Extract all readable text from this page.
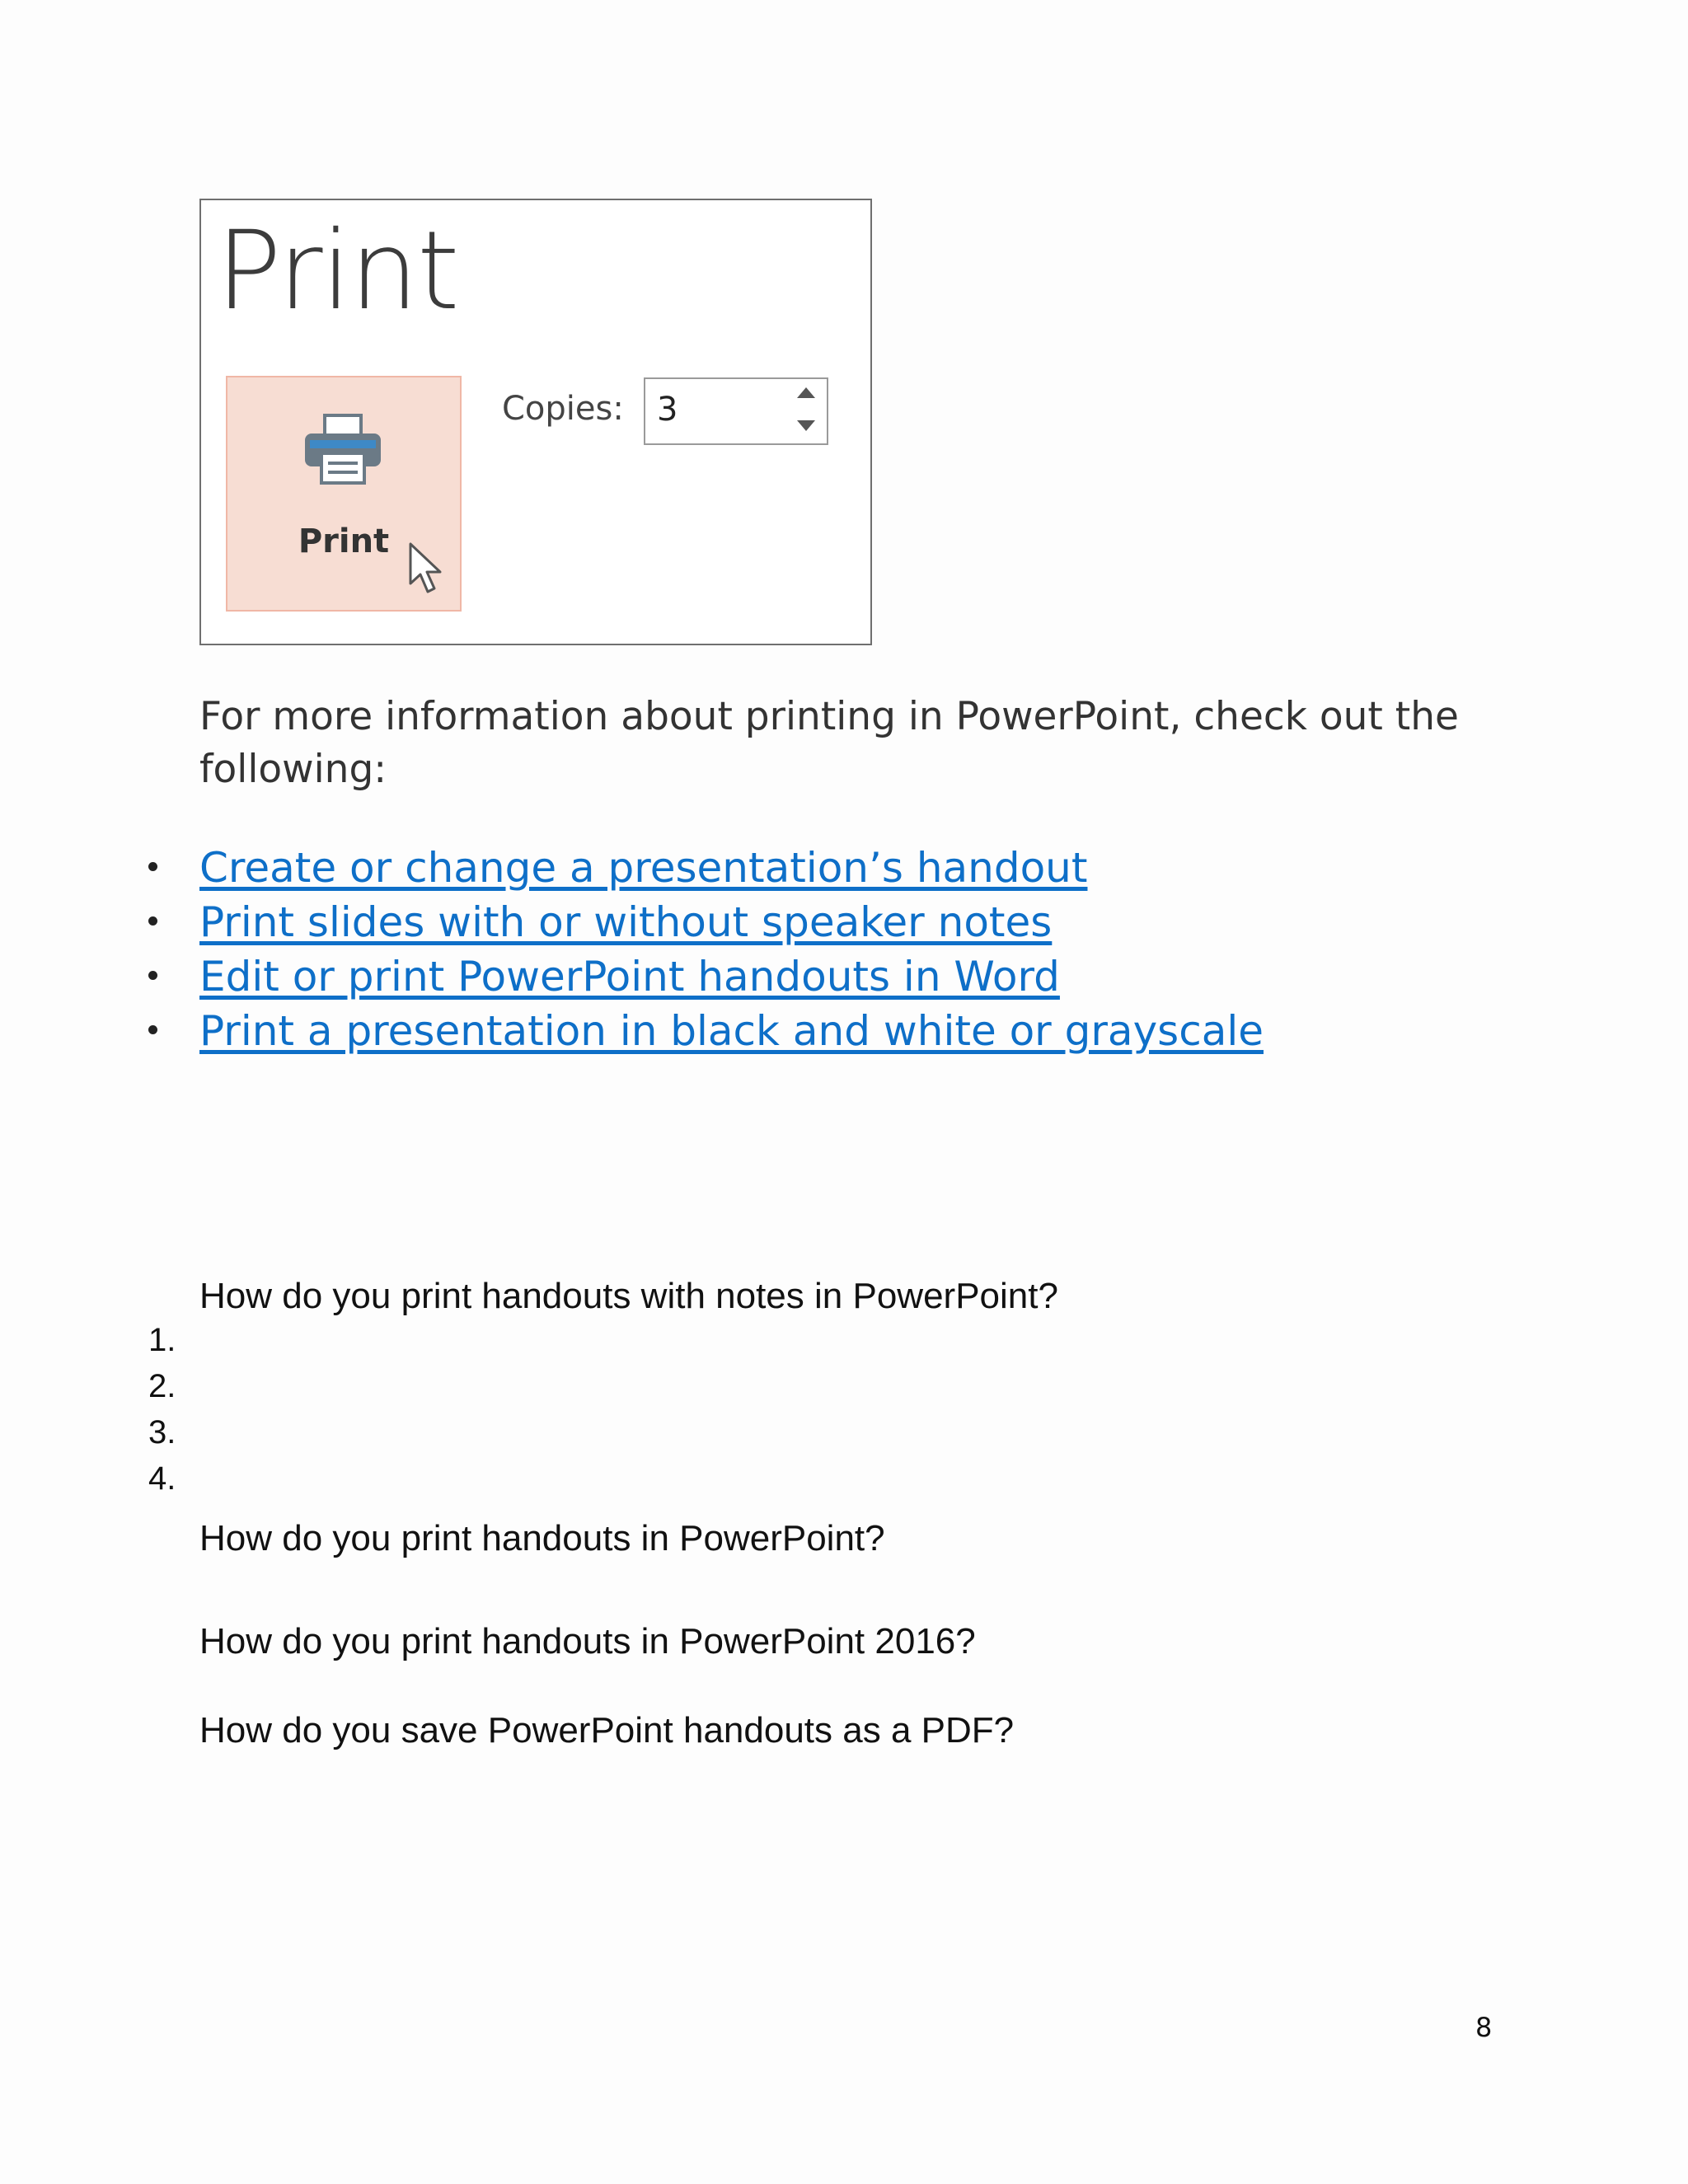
Print
Print
Copies: 3
For more information about printing in PowerPoint, check out the following:
Create or change a presentation’s handout
Print slides with or without speaker notes
Edit or print PowerPoint handouts in Word
Print a presentation in black and white or grayscale
How do you print handouts with notes in PowerPoint?
1.
2.
3.
4.
How do you print handouts in PowerPoint?
How do you print handouts in PowerPoint 2016?
How do you save PowerPoint handouts as a PDF?
8
